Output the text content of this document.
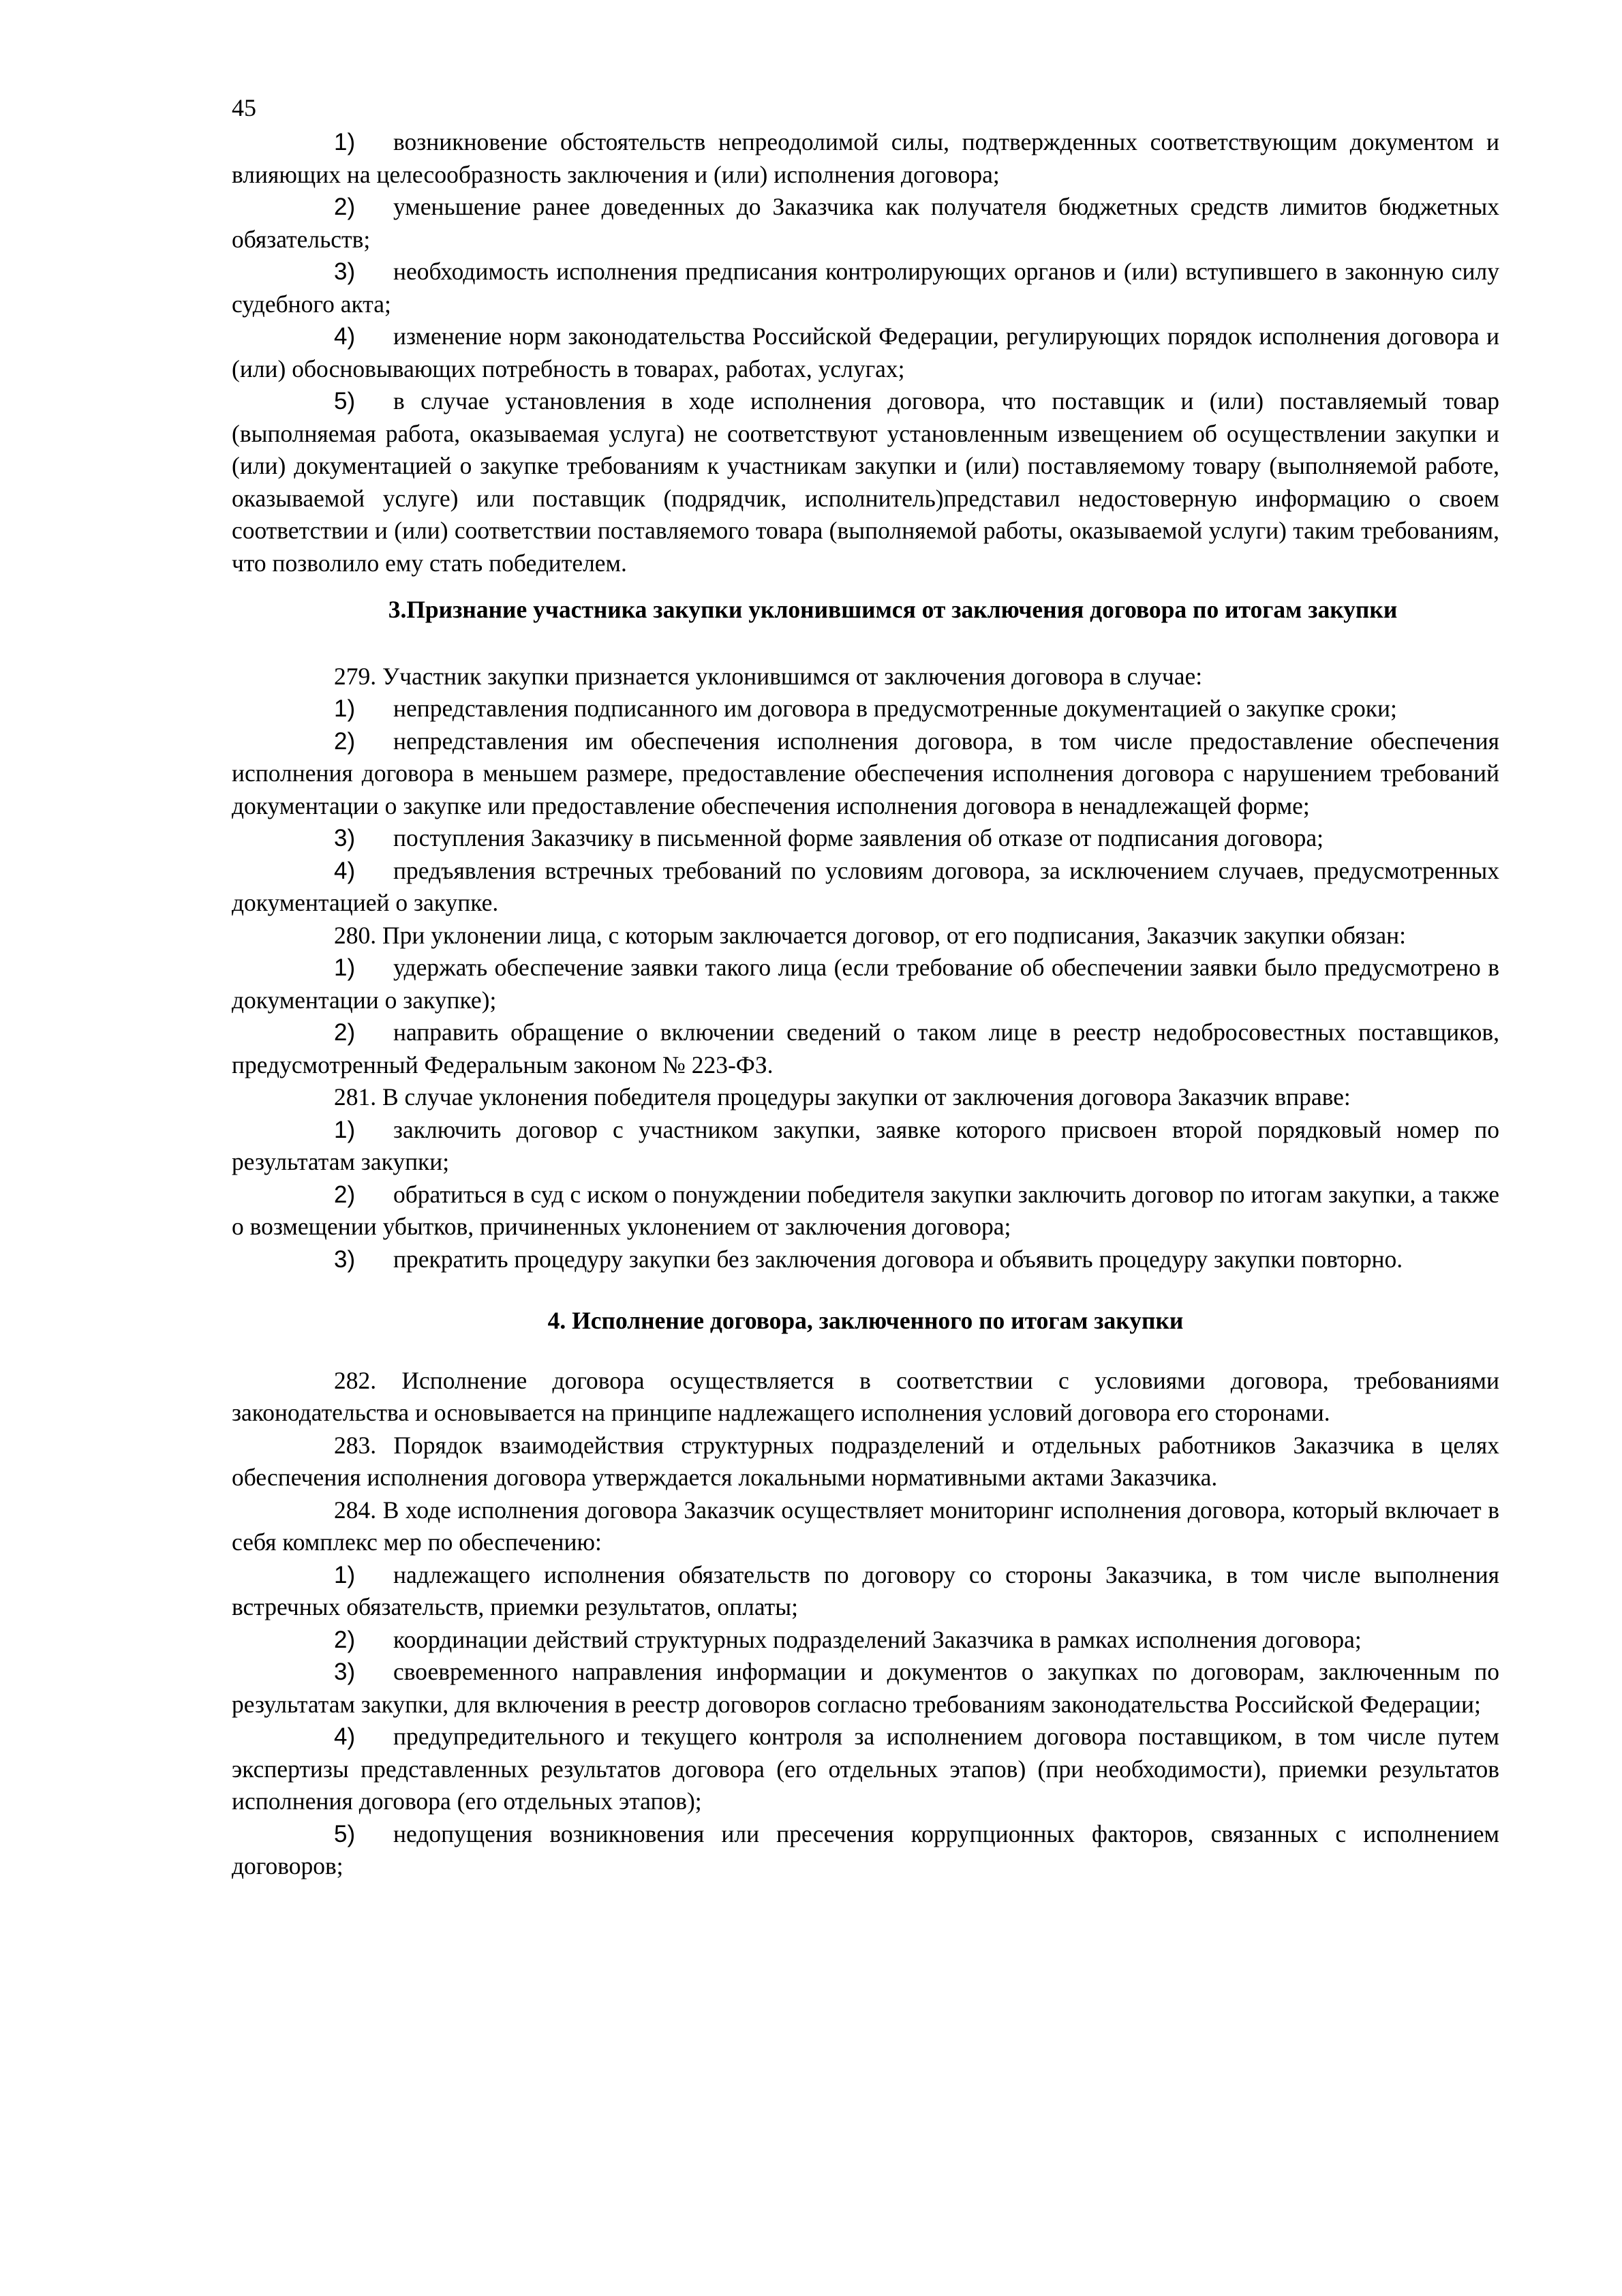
45

1) возникновение обстоятельств непреодолимой силы, подтвержденных соответствующим документом и влияющих на целесообразность заключения и (или) исполнения договора;

2) уменьшение ранее доведенных до Заказчика как получателя бюджетных средств лимитов бюджетных обязательств;

3) необходимость исполнения предписания контролирующих органов и (или) вступившего в законную силу судебного акта;

4) изменение норм законодательства Российской Федерации, регулирующих порядок исполнения договора и (или) обосновывающих потребность в товарах, работах, услугах;

5) в случае установления в ходе исполнения договора, что поставщик и (или) поставляемый товар (выполняемая работа, оказываемая услуга) не соответствуют установленным извещением об осуществлении закупки и (или) документацией о закупке требованиям к участникам закупки и (или) поставляемому товару (выполняемой работе, оказываемой услуге) или поставщик (подрядчик, исполнитель)представил недостоверную информацию о своем соответствии и (или) соответствии поставляемого товара (выполняемой работы, оказываемой услуги) таким требованиям, что позволило ему стать победителем.

3.Признание участника закупки уклонившимся от заключения договора по итогам закупки

279. Участник закупки признается уклонившимся от заключения договора в случае:

1) непредставления подписанного им договора в предусмотренные документацией о закупке сроки;

2) непредставления им обеспечения исполнения договора, в том числе предоставление обеспечения исполнения договора в меньшем размере, предоставление обеспечения исполнения договора с нарушением требований документации о закупке или предоставление обеспечения исполнения договора в ненадлежащей форме;

3) поступления Заказчику в письменной форме заявления об отказе от подписания договора;

4) предъявления встречных требований по условиям договора, за исключением случаев, предусмотренных документацией о закупке.

280. При уклонении лица, с которым заключается договор, от его подписания, Заказчик закупки обязан:

1) удержать обеспечение заявки такого лица (если требование об обеспечении заявки было предусмотрено в документации о закупке);

2) направить обращение о включении сведений о таком лице в реестр недобросовестных поставщиков, предусмотренный Федеральным законом № 223-ФЗ.

281. В случае уклонения победителя процедуры закупки от заключения договора Заказчик вправе:

1) заключить договор с участником закупки, заявке которого присвоен второй порядковый номер по результатам закупки;

2) обратиться в суд с иском о понуждении победителя закупки заключить договор по итогам закупки, а также о возмещении убытков, причиненных уклонением от заключения договора;

3) прекратить процедуру закупки без заключения договора и объявить процедуру закупки повторно.

4. Исполнение договора, заключенного по итогам закупки

282. Исполнение договора осуществляется в соответствии с условиями договора, требованиями законодательства и основывается на принципе надлежащего исполнения условий договора его сторонами.

283. Порядок взаимодействия структурных подразделений и отдельных работников Заказчика в целях обеспечения исполнения договора утверждается локальными нормативными актами Заказчика.

284. В ходе исполнения договора Заказчик осуществляет мониторинг исполнения договора, который включает в себя комплекс мер по обеспечению:

1) надлежащего исполнения обязательств по договору со стороны Заказчика, в том числе выполнения встречных обязательств, приемки результатов, оплаты;

2) координации действий структурных подразделений Заказчика в рамках исполнения договора;

3) своевременного направления информации и документов о закупках по договорам, заключенным по результатам закупки, для включения в реестр договоров согласно требованиям законодательства Российской Федерации;

4) предупредительного и текущего контроля за исполнением договора поставщиком, в том числе путем экспертизы представленных результатов договора (его отдельных этапов) (при необходимости), приемки результатов исполнения договора (его отдельных этапов);

5) недопущения возникновения или пресечения коррупционных факторов, связанных с исполнением договоров;
